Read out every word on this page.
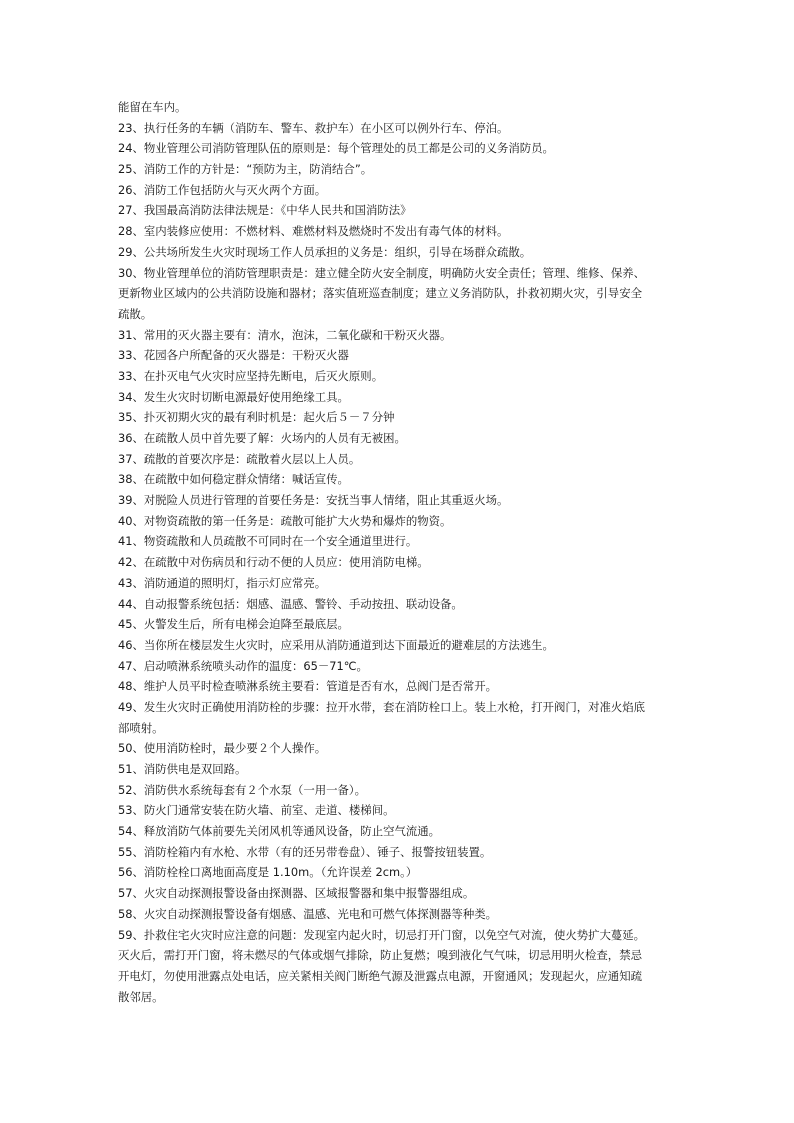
能留在车内。
23、执行任务的车辆（消防车、警车、救护车）在小区可以例外行车、停泊。
24、物业管理公司消防管理队伍的原则是：每个管理处的员工都是公司的义务消防员。
25、消防工作的方针是：“预防为主，防消结合”。
26、消防工作包括防火与灭火两个方面。
27、我国最高消防法律法规是：《中华人民共和国消防法》
28、室内装修应使用：不燃材料、难燃材料及燃烧时不发出有毒气体的材料。
29、公共场所发生火灾时现场工作人员承担的义务是：组织，引导在场群众疏散。
30、物业管理单位的消防管理职责是：建立健全防火安全制度，明确防火安全责任；管理、维修、保养、
更新物业区域内的公共消防设施和器材；落实值班巡查制度；建立义务消防队，扑救初期火灾，引导安全
疏散。
31、常用的灭火器主要有：清水，泡沫，二氧化碳和干粉灭火器。
33、花园各户所配备的灭火器是：干粉灭火器
33、在扑灭电气火灾时应坚持先断电，后灭火原则。
34、发生火灾时切断电源最好使用绝缘工具。
35、扑灭初期火灾的最有利时机是：起火后５－７分钟
36、在疏散人员中首先要了解：火场内的人员有无被困。
37、疏散的首要次序是：疏散着火层以上人员。
38、在疏散中如何稳定群众情绪：喊话宣传。
39、对脱险人员进行管理的首要任务是：安抚当事人情绪，阻止其重返火场。
40、对物资疏散的第一任务是：疏散可能扩大火势和爆炸的物资。
41、物资疏散和人员疏散不可同时在一个安全通道里进行。
42、在疏散中对伤病员和行动不便的人员应：使用消防电梯。
43、消防通道的照明灯，指示灯应常亮。
44、自动报警系统包括：烟感、温感、警铃、手动按扭、联动设备。
45、火警发生后，所有电梯会迫降至最底层。
46、当你所在楼层发生火灾时，应采用从消防通道到达下面最近的避难层的方法逃生。
47、启动喷淋系统喷头动作的温度：65－71℃。
48、维护人员平时检查喷淋系统主要看：管道是否有水，总阀门是否常开。
49、发生火灾时正确使用消防栓的步骤：拉开水带，套在消防栓口上。装上水枪，打开阀门，对准火焰底
部喷射。
50、使用消防栓时，最少要２个人操作。
51、消防供电是双回路。
52、消防供水系统每套有２个水泵（一用一备）。
53、防火门通常安装在防火墙、前室、走道、楼梯间。
54、释放消防气体前要先关闭风机等通风设备，防止空气流通。
55、消防栓箱内有水枪、水带（有的还另带卷盘）、锤子、报警按钮装置。
56、消防栓栓口离地面高度是 1.10m。（允许误差 2cm。）
57、火灾自动探测报警设备由探测器、区域报警器和集中报警器组成。
58、火灾自动探测报警设备有烟感、温感、光电和可燃气体探测器等种类。
59、扑救住宅火灾时应注意的问题：发现室内起火时，切忌打开门窗，以免空气对流，使火势扩大蔓延。
灭火后，需打开门窗，将未燃尽的气体或烟气排除，防止复燃；嗅到液化气气味，切忌用明火检查，禁忌
开电灯，勿使用泄露点处电话，应关紧相关阀门断绝气源及泄露点电源，开窗通风；发现起火，应通知疏
散邻居。
